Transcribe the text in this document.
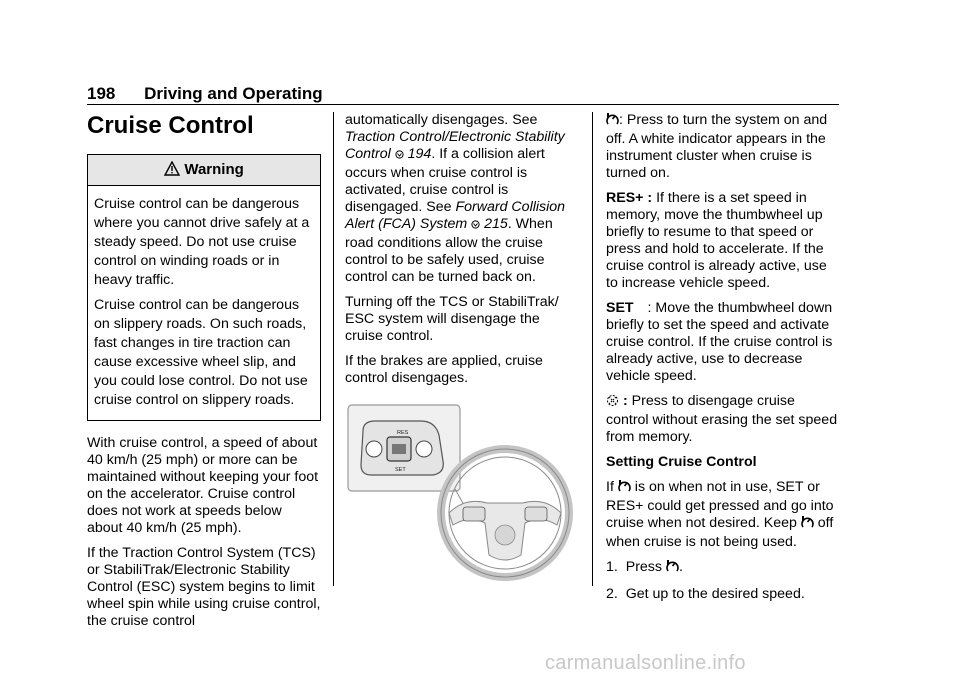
198 Driving and Operating
Cruise Control
Warning

Cruise control can be dangerous where you cannot drive safely at a steady speed. Do not use cruise control on winding roads or in heavy traffic.

Cruise control can be dangerous on slippery roads. On such roads, fast changes in tire traction can cause excessive wheel slip, and you could lose control. Do not use cruise control on slippery roads.

With cruise control, a speed of about 40 km/h (25 mph) or more can be maintained without keeping your foot on the accelerator. Cruise control does not work at speeds below about 40 km/h (25 mph).

If the Traction Control System (TCS) or StabiliTrak/Electronic Stability Control (ESC) system begins to limit wheel spin while using cruise control, the cruise control

automatically disengages. See Traction Control/Electronic Stability Control 194. If a collision alert occurs when cruise control is activated, cruise control is disengaged. See Forward Collision Alert (FCA) System 215. When road conditions allow the cruise control to be safely used, cruise control can be turned back on.

Turning off the TCS or StabiliTrak/ ESC system will disengage the cruise control.

If the brakes are applied, cruise control disengages.

RES
SET

: Press to turn the system on and off. A white indicator appears in the instrument cluster when cruise is turned on.

RES+ : If there is a set speed in memory, move the thumbwheel up briefly to resume to that speed or press and hold to accelerate. If the cruise control is already active, use to increase vehicle speed.

SET : Move the thumbwheel down briefly to set the speed and activate cruise control. If the cruise control is already active, use to decrease vehicle speed.

: Press to disengage cruise control without erasing the set speed from memory.

Setting Cruise Control

If is on when not in use, SET or RES+ could get pressed and go into cruise when not desired. Keep off when cruise is not being used.

1. Press .

2. Get up to the desired speed.

carmanualsonline.info
